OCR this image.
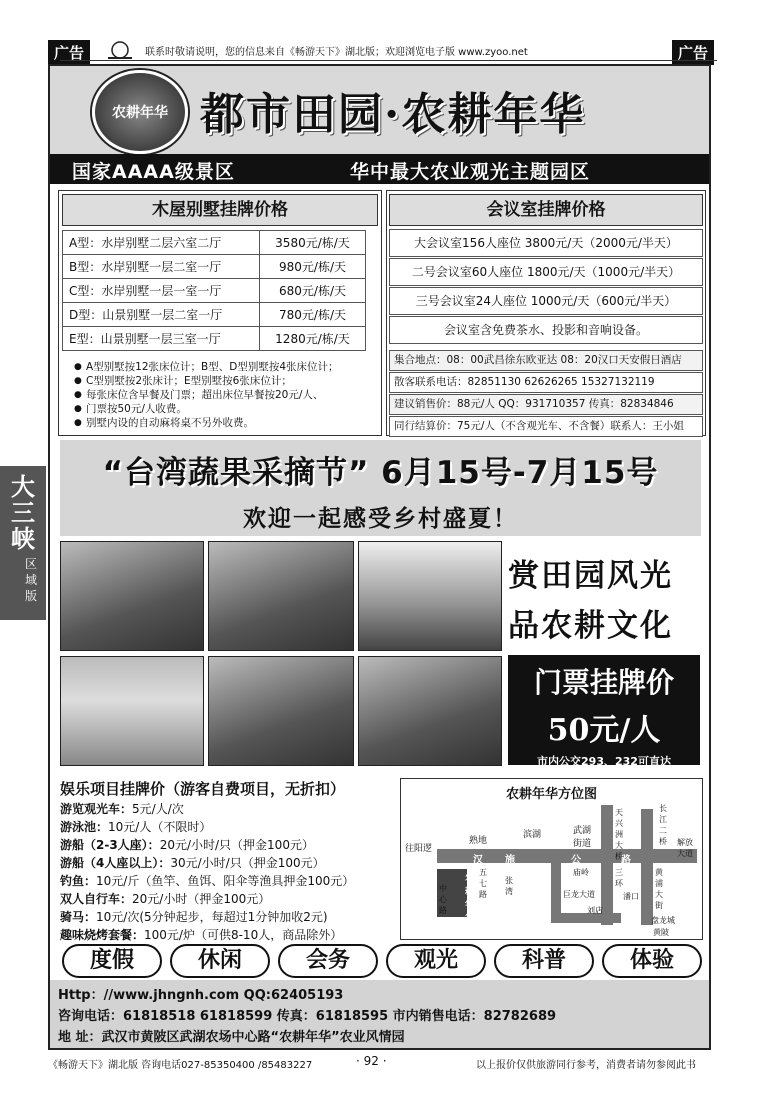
广告	联系时敬请说明，您的信息来自《畅游天下》湖北版；欢迎浏览电子版 www.zyoo.net	广告
农耕年华 都市田园·农耕年华
国家AAAA级景区	华中最大农业观光主题园区
木屋别墅挂牌价格
A型：水岸别墅二层六室二厅	3580元/栋/天
B型：水岸别墅一层二室一厅	980元/栋/天
C型：水岸别墅一层一室一厅	680元/栋/天
D型：山景别墅一层二室一厅	780元/栋/天
E型：山景别墅一层三室一厅	1280元/栋/天
● A型别墅按12张床位计；B型、D型别墅按4张床位计；
● C型别墅按2张床计；E型别墅按6张床位计；
● 每张床位含早餐及门票；超出床位早餐按20元/人、
● 门票按50元/人收费。
● 别墅内设的自动麻将桌不另外收费。
会议室挂牌价格
大会议室156人座位 3800元/天（2000元/半天）
二号会议室60人座位 1800元/天（1000元/半天）
三号会议室24人座位 1000元/天（600元/半天）
会议室含免费茶水、投影和音响设备。
集合地点：08：00武昌徐东欧亚达 08：20汉口天安假日酒店
散客联系电话：82851130 62626265 15327132119
建议销售价：88元/人 QQ：931710357 传真：82834846
同行结算价：75元/人（不含观光车、不含餐）联系人：王小姐
大三峡
区域版
“台湾蔬果采摘节” 6月15号-7月15号
欢迎一起感受乡村盛夏！
赏田园风光
品农耕文化
门票挂牌价
50元/人
市内公交293、232可直达
娱乐项目挂牌价（游客自费项目，无折扣）
游览观光车：5元/人/次
游泳池：10元/人（不限时）
游船（2-3人座）：20元/小时/只（押金100元）
游船（4人座以上）：30元/小时/只（押金100元）
钓鱼：10元/斤（鱼竿、鱼饵、阳伞等渔具押金100元）
双人自行车：20元/小时（押金100元）
骑马：10元/次(5分钟起步，每超过1分钟加收2元)
趣味烧烤套餐：100元/炉（可供8-10人，商品除外）
农耕年华方位图
往阳逻
汉 施	公	路
熟地
滨湖	武湖街道
天兴洲大桥
长江二桥 解放大道
三环
黄浦大街
庙岭
五七路
张湾	巨龙大道
刘店
潘口
盘龙城
黄陂
中心路
农耕年华
度假	休闲	会务	观光	科普	体验
Http：//www.jhngnh.com QQ:62405193
咨询电话：61818518 61818599 传真：61818595 市内销售电话：82782689
地 址：武汉市黄陂区武湖农场中心路“农耕年华”农业风情园
《畅游天下》湖北版 咨询电话027-85350400 /85483227	· 92 ·	以上报价仅供旅游同行参考，消费者请勿参阅此书
